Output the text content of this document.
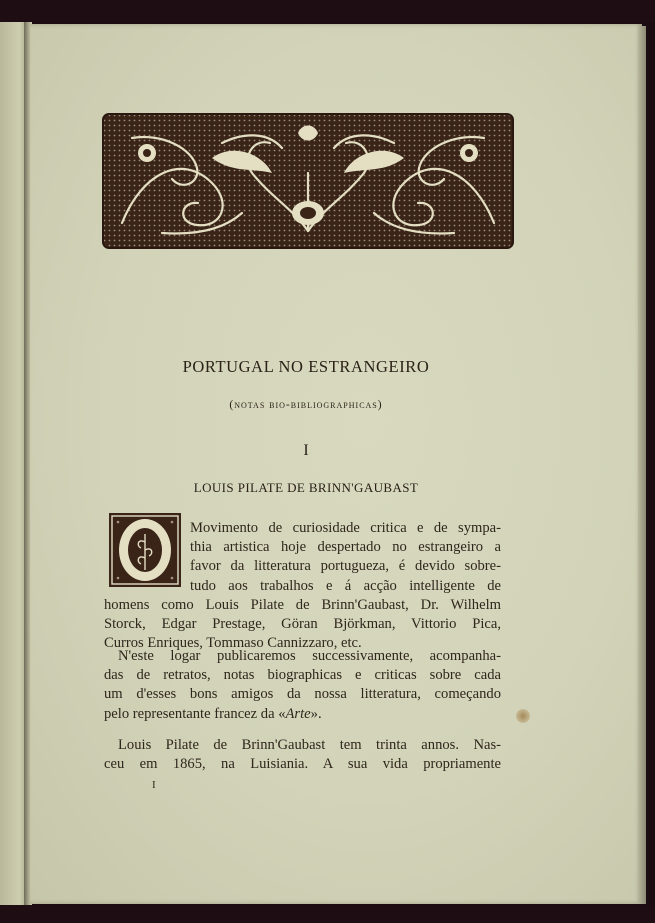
PORTUGAL NO ESTRANGEIRO
(notas bio-bibliographicas)
I
LOUIS PILATE DE BRINN'GAUBAST

Movimento de curiosidade critica e de sympa-
thia artistica hoje despertado no estrangeiro a
favor da litteratura portugueza, é devido sobre-
tudo aos trabalhos e á acção intelligente de
homens como Louis Pilate de Brinn'Gaubast, Dr. Wilhelm
Storck, Edgar Prestage, Göran Björkman, Vittorio Pica,
Curros Enriques, Tommaso Cannizzaro, etc.

N'este logar publicaremos successivamente, acompanha-
das de retratos, notas biographicas e criticas sobre cada
um d'esses bons amigos da nossa litteratura, começando
pelo representante francez da «Arte».

Louis Pilate de Brinn'Gaubast tem trinta annos. Nas-
ceu em 1865, na Luisiania. A sua vida propriamente

I
